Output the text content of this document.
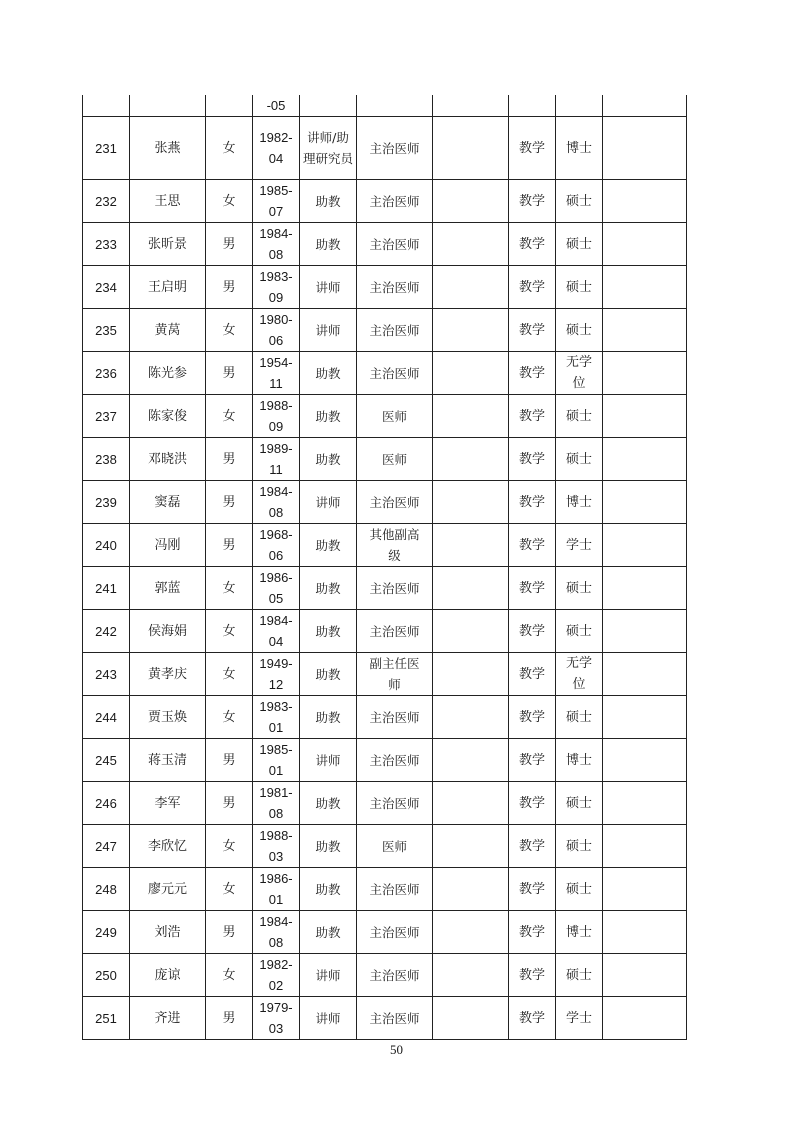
			-05						

231	张燕	女	1982-04	讲师/助理研究员	主治医师		教学	博士	

232	王思	女	1985-07	助教	主治医师		教学	硕士	

233	张昕景	男	1984-08	助教	主治医师		教学	硕士	

234	王启明	男	1983-09	讲师	主治医师		教学	硕士	

235	黄莴	女	1980-06	讲师	主治医师		教学	硕士	

236	陈光参	男	1954-11	助教	主治医师		教学	无学位	

237	陈家俊	女	1988-09	助教	医师		教学	硕士	

238	邓晓洪	男	1989-11	助教	医师		教学	硕士	

239	窦磊	男	1984-08	讲师	主治医师		教学	博士	

240	冯刚	男	1968-06	助教	其他副高级		教学	学士	

241	郭蓝	女	1986-05	助教	主治医师		教学	硕士	

242	侯海娟	女	1984-04	助教	主治医师		教学	硕士	

243	黄孝庆	女	1949-12	助教	副主任医师		教学	无学位	

244	贾玉焕	女	1983-01	助教	主治医师		教学	硕士	

245	蒋玉清	男	1985-01	讲师	主治医师		教学	博士	

246	李军	男	1981-08	助教	主治医师		教学	硕士	

247	李欣忆	女	1988-03	助教	医师		教学	硕士	

248	廖元元	女	1986-01	助教	主治医师		教学	硕士	

249	刘浩	男	1984-08	助教	主治医师		教学	博士	

250	庞谅	女	1982-02	讲师	主治医师		教学	硕士	

251	齐进	男	1979-03	讲师	主治医师		教学	学士	

50
